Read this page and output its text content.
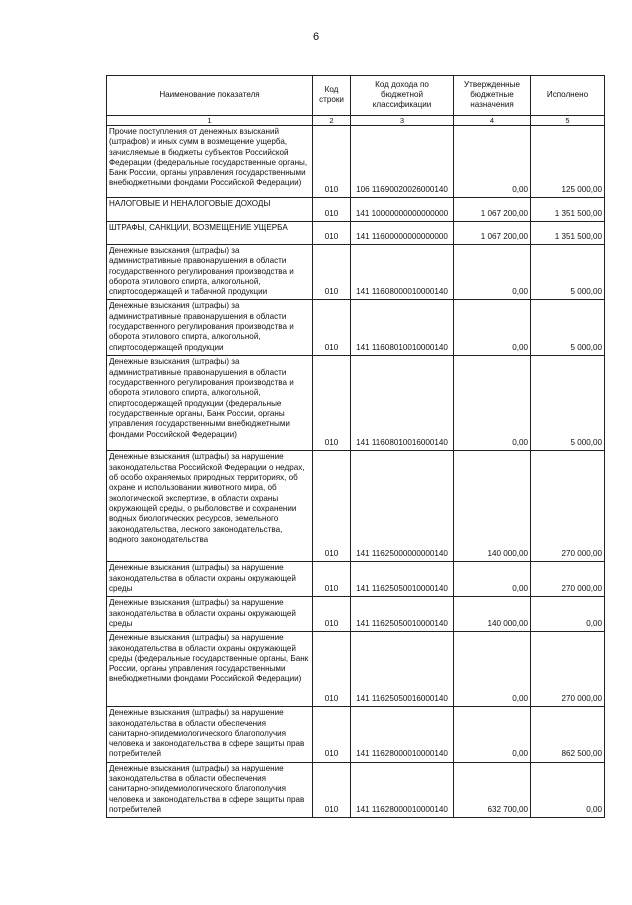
6
Наименование показателя	Код строки	Код дохода по бюджетной классификации	Утвержденные бюджетные назначения	Исполнено
1	2	3	4	5
Прочие поступления от денежных взысканий (штрафов) и иных сумм в возмещение ущерба, зачисляемые в бюджеты субъектов Российской Федерации (федеральные государственные органы, Банк России, органы управления государственными внебюджетными фондами Российской Федерации)	010	106 11690020026000140	0,00	125 000,00
НАЛОГОВЫЕ И НЕНАЛОГОВЫЕ ДОХОДЫ	010	141 10000000000000000	1 067 200,00	1 351 500,00
ШТРАФЫ, САНКЦИИ, ВОЗМЕЩЕНИЕ УЩЕРБА	010	141 11600000000000000	1 067 200,00	1 351 500,00
Денежные взыскания (штрафы) за административные правонарушения в области государственного регулирования производства и оборота этилового спирта, алкогольной, спиртосодержащей и табачной продукции	010	141 11608000010000140	0,00	5 000,00
Денежные взыскания (штрафы) за административные правонарушения в области государственного регулирования производства и оборота этилового спирта, алкогольной, спиртосодержащей продукции	010	141 11608010010000140	0,00	5 000,00
Денежные взыскания (штрафы) за административные правонарушения в области государственного регулирования производства и оборота этилового спирта, алкогольной, спиртосодержащей продукции (федеральные государственные органы, Банк России, органы управления государственными внебюджетными фондами Российской Федерации)	010	141 11608010016000140	0,00	5 000,00
Денежные взыскания (штрафы) за нарушение законодательства Российской Федерации о недрах, об особо охраняемых природных территориях, об охране и использовании животного мира, об экологической экспертизе, в области охраны окружающей среды, о рыболовстве и сохранении водных биологических ресурсов, земельного законодательства, лесного законодательства, водного законодательства	010	141 11625000000000140	140 000,00	270 000,00
Денежные взыскания (штрафы) за нарушение законодательства в области охраны окружающей среды	010	141 11625050010000140	0,00	270 000,00
Денежные взыскания (штрафы) за нарушение законодательства в области охраны окружающей среды	010	141 11625050010000140	140 000,00	0,00
Денежные взыскания (штрафы) за нарушение законодательства в области охраны окружающей среды (федеральные государственные органы, Банк России, органы управления государственными внебюджетными фондами Российской Федерации)	010	141 11625050016000140	0,00	270 000,00
Денежные взыскания (штрафы) за нарушение законодательства в области обеспечения санитарно-эпидемиологического благополучия человека и законодательства в сфере защиты прав потребителей	010	141 11628000010000140	0,00	862 500,00
Денежные взыскания (штрафы) за нарушение законодательства в области обеспечения санитарно-эпидемиологического благополучия человека и законодательства в сфере защиты прав потребителей	010	141 11628000010000140	632 700,00	0,00
